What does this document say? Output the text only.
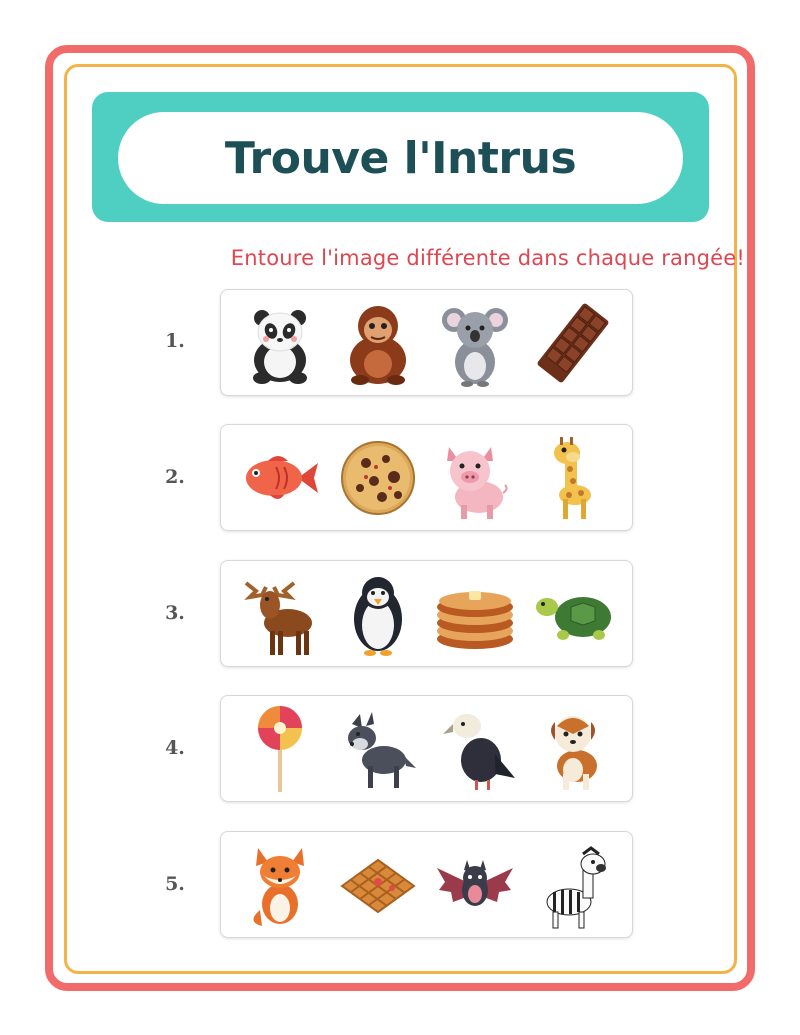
Trouve l'Intrus
Entoure l'image différente dans chaque rangée!
1.
2.
3.
4.
5.
